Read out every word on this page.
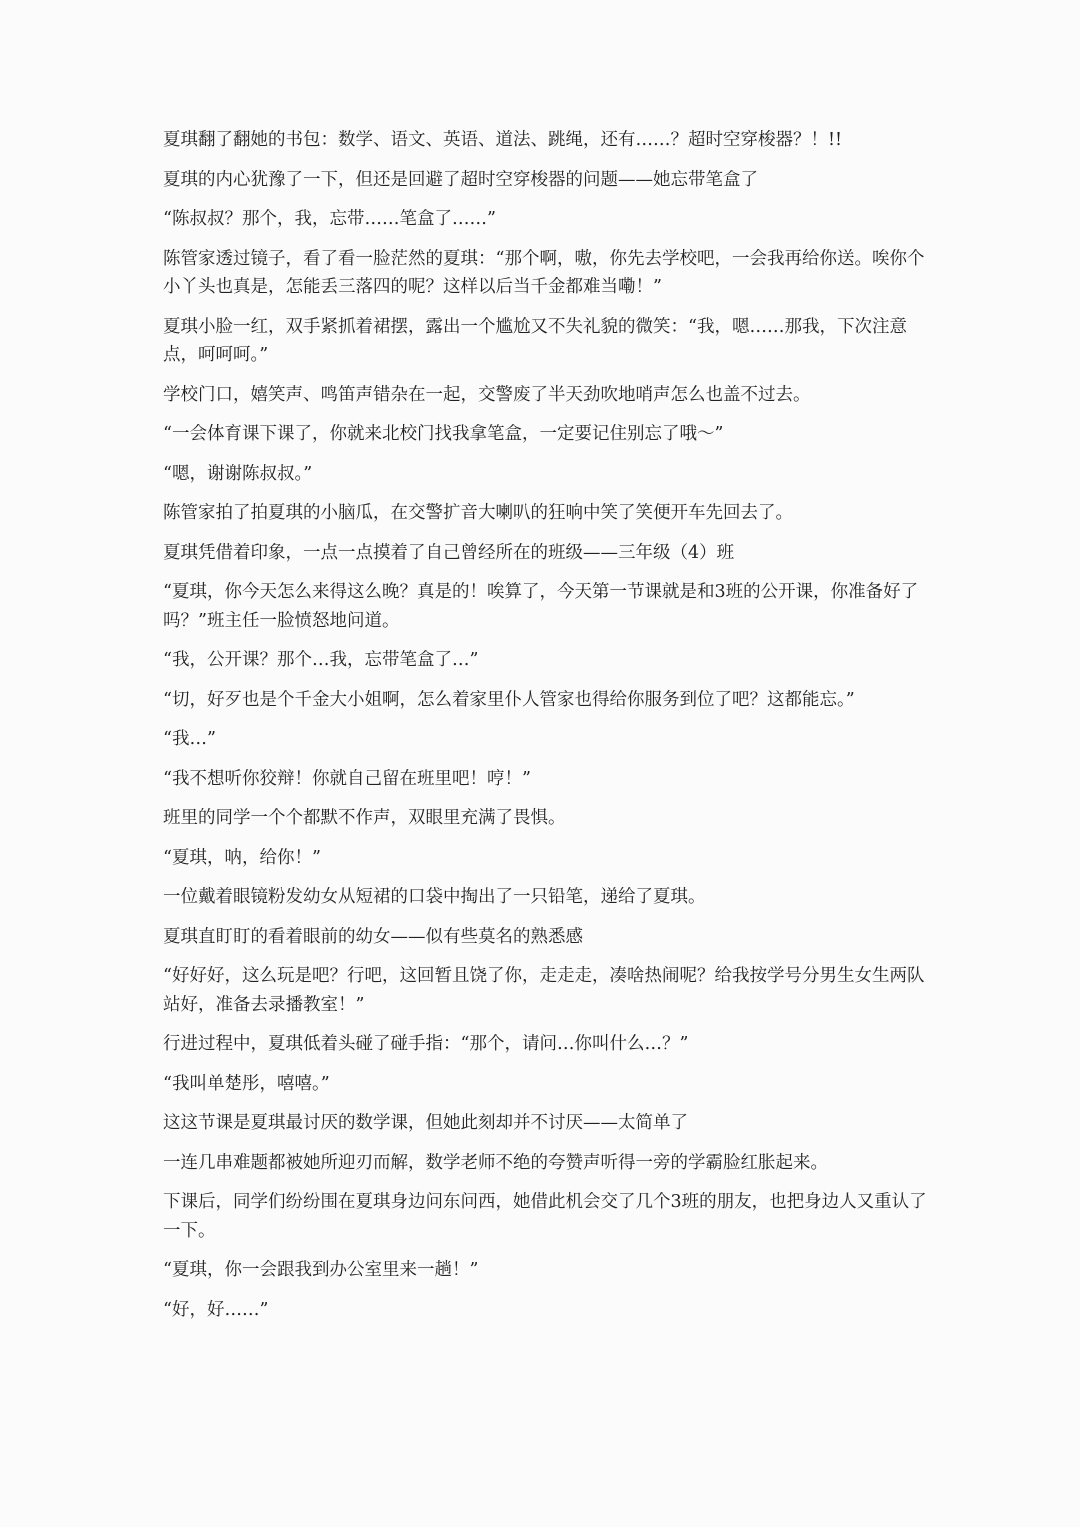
夏琪翻了翻她的书包：数学、语文、英语、道法、跳绳，还有……？超时空穿梭器？！!!

夏琪的内心犹豫了一下，但还是回避了超时空穿梭器的问题——她忘带笔盒了

“陈叔叔？那个，我，忘带……笔盒了……”

陈管家透过镜子，看了看一脸茫然的夏琪：“那个啊，嗷，你先去学校吧，一会我再给你送。唉你个小丫头也真是，怎能丢三落四的呢？这样以后当千金都难当嘞！”

夏琪小脸一红，双手紧抓着裙摆，露出一个尴尬又不失礼貌的微笑：“我，嗯……那我，下次注意点，呵呵呵。”

学校门口，嬉笑声、鸣笛声错杂在一起，交警废了半天劲吹地哨声怎么也盖不过去。

“一会体育课下课了，你就来北校门找我拿笔盒，一定要记住别忘了哦～”

“嗯，谢谢陈叔叔。”

陈管家拍了拍夏琪的小脑瓜，在交警扩音大喇叭的狂响中笑了笑便开车先回去了。

夏琪凭借着印象，一点一点摸着了自己曾经所在的班级——三年级（4）班

“夏琪，你今天怎么来得这么晚？真是的！唉算了，今天第一节课就是和3班的公开课，你准备好了吗？”班主任一脸愤怒地问道。

“我，公开课？那个…我，忘带笔盒了…”

“切，好歹也是个千金大小姐啊，怎么着家里仆人管家也得给你服务到位了吧？这都能忘。”

“我…”

“我不想听你狡辩！你就自己留在班里吧！哼！”

班里的同学一个个都默不作声，双眼里充满了畏惧。

“夏琪，呐，给你！”

一位戴着眼镜粉发幼女从短裙的口袋中掏出了一只铅笔，递给了夏琪。

夏琪直盯盯的看着眼前的幼女——似有些莫名的熟悉感

“好好好，这么玩是吧？行吧，这回暂且饶了你，走走走，凑啥热闹呢？给我按学号分男生女生两队站好，准备去录播教室！”

行进过程中，夏琪低着头碰了碰手指：“那个，请问…你叫什么…？”

“我叫单楚彤，嘻嘻。”

这这节课是夏琪最讨厌的数学课，但她此刻却并不讨厌——太简单了

一连几串难题都被她所迎刃而解，数学老师不绝的夸赞声听得一旁的学霸脸红胀起来。

下课后，同学们纷纷围在夏琪身边问东问西，她借此机会交了几个3班的朋友，也把身边人又重认了一下。

“夏琪，你一会跟我到办公室里来一趟！”

“好，好……”
